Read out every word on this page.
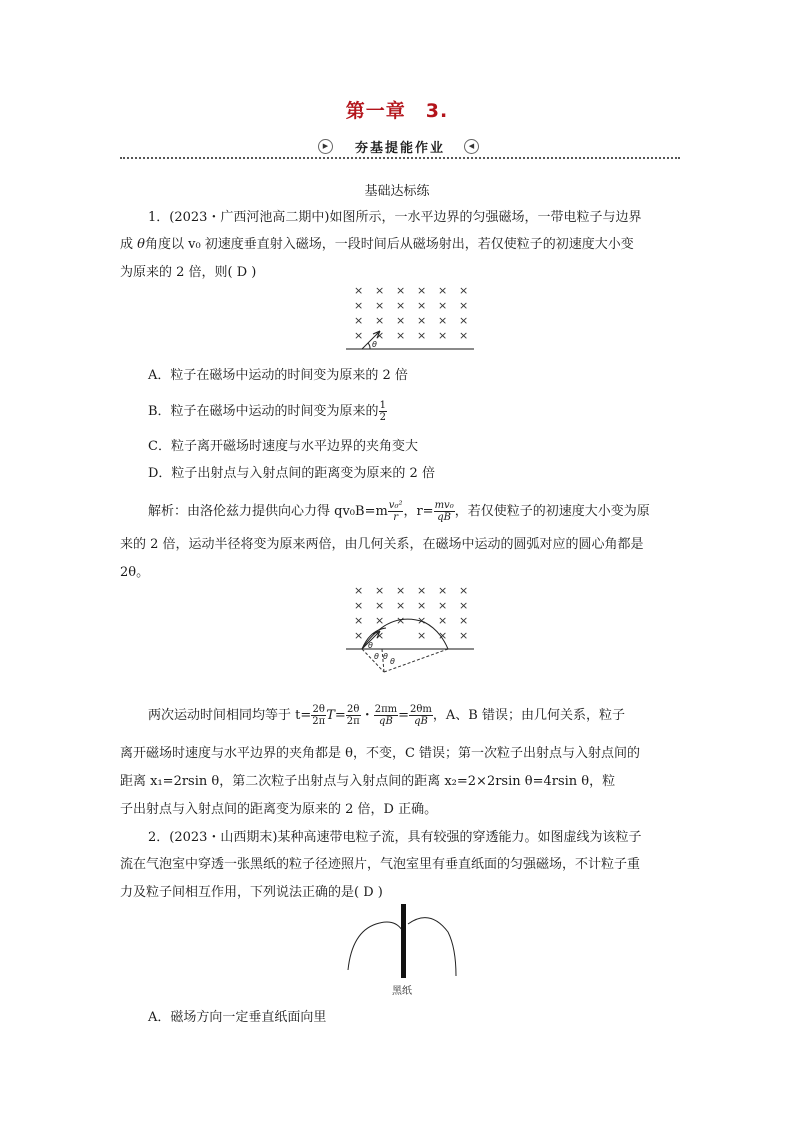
第一章　3.
▶	夯基提能作业	◀
基础达标练
1．(2023・广西河池高二期中)如图所示，一水平边界的匀强磁场，一带电粒子与边界
成 θ角度以 v₀ 初速度垂直射入磁场，一段时间后从磁场射出，若仅使粒子的初速度大小变
为原来的 2 倍，则( D )
× × × × × ×
× × × × × ×
× × × × × ×
× × × × × ×
θ
A．粒子在磁场中运动的时间变为原来的 2 倍
B．粒子在磁场中运动的时间变为原来的 $\frac{1}{2}$
C．粒子离开磁场时速度与水平边界的夹角变大
D．粒子出射点与入射点间的距离变为原来的 2 倍
解析：由洛伦兹力提供向心力得 $qv_0B=m \frac{\text{v₀²}}{r}$ ，$r= \frac{\text{mv₀}}{qB}$ ，若仅使粒子的初速度大小变为原
来的 2 倍，运动半径将变为原来两倍，由几何关系，在磁场中运动的圆弧对应的圆心角都是
2θ。
× × × × × ×
× × × × × ×
× × × × × ×
× ×	× × ×
θ
θ θ
θ
两次运动时间相同均等于 $t= \frac{2\theta}{2\pi} T= \frac{2\theta}{2\pi}$ ・ $\frac{2\pi m}{qB} = \frac{2\theta m}{qB}$ ，A、B 错误；由几何关系，粒子
离开磁场时速度与水平边界的夹角都是 θ，不变，C 错误；第一次粒子出射点与入射点间的
距离 x₁=2rsin θ，第二次粒子出射点与入射点间的距离 x₂=2×2rsin θ=4rsin θ，粒
子出射点与入射点间的距离变为原来的 2 倍，D 正确。
2．(2023・山西期末)某种高速带电粒子流，具有较强的穿透能力。如图虚线为该粒子
流在气泡室中穿透一张黑纸的粒子径迹照片，气泡室里有垂直纸面的匀强磁场，不计粒子重
力及粒子间相互作用，下列说法正确的是( D )
黑纸
A．磁场方向一定垂直纸面向里
